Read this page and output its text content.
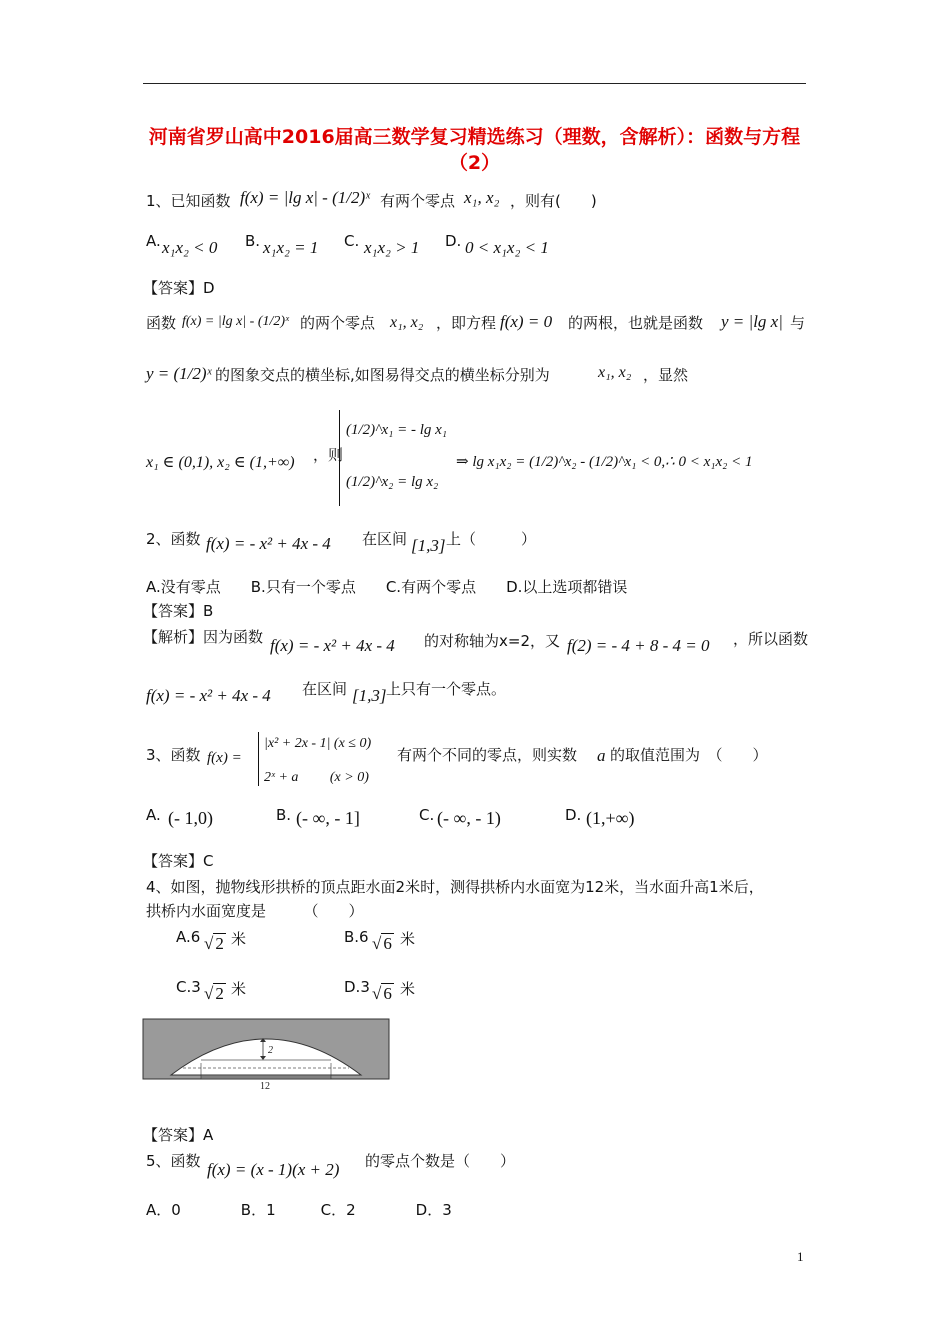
河南省罗山高中2016届高三数学复习精选练习（理数，含解析）：函数与方程（2）
1、已知函数 f(x) = |lg x| - (1/2)ˣ 有两个零点 x₁, x₂ ，则有(　　)
A. x₁x₂ < 0 B. x₁x₂ = 1 C. x₁x₂ > 1 D. 0 < x₁x₂ < 1
【答案】D
函数 f(x) = |lg x| - (1/2)ˣ 的两个零点 x₁, x₂ ，即方程 f(x) = 0 的两根，也就是函数 y = |lg x| 与
y = (1/2)ˣ 的图象交点的横坐标,如图易得交点的横坐标分别为	x₁, x₂ ，显然
x₁ ∈ (0,1), x₂ ∈ (1,+∞) ，则
(1/2)^x₁ = - lg x₁
(1/2)^x₂ = lg x₂
⇒ lg x₁x₂ = (1/2)^x₂ - (1/2)^x₁ < 0,∴ 0 < x₁x₂ < 1
2、函数 f(x) = - x² + 4x - 4 在区间 [1,3] 上（　　　）
A.没有零点　　B.只有一个零点　　C.有两个零点　　D.以上选项都错误
【答案】B
【解析】因为函数 f(x) = - x² + 4x - 4 的对称轴为x=2，又 f(2) = - 4 + 8 - 4 = 0 ，所以函数
f(x) = - x² + 4x - 4 在区间 [1,3] 上只有一个零点。
3、函数 f(x) =
|x² + 2x - 1| (x ≤ 0)
2ˣ + a　　 (x > 0)
有两个不同的零点，则实数 a 的取值范围为　（　　）
A. (- 1,0)	B. (- ∞, - 1]	C. (- ∞, - 1)	D. (1,+∞)
【答案】C
4、如图，抛物线形拱桥的顶点距水面2米时，测得拱桥内水面宽为12米，当水面升高1米后，
拱桥内水面宽度是　　　（　　）
A.6 √ 2 米	B.6 √ 6 米
C.3 √ 2 米	D.3 √ 6 米
2
12
【答案】A
5、函数 f(x) = (x - 1)(x + 2) 的零点个数是（　　）
A．0　　　　B．1　　　C．2　　　　D．3
1
